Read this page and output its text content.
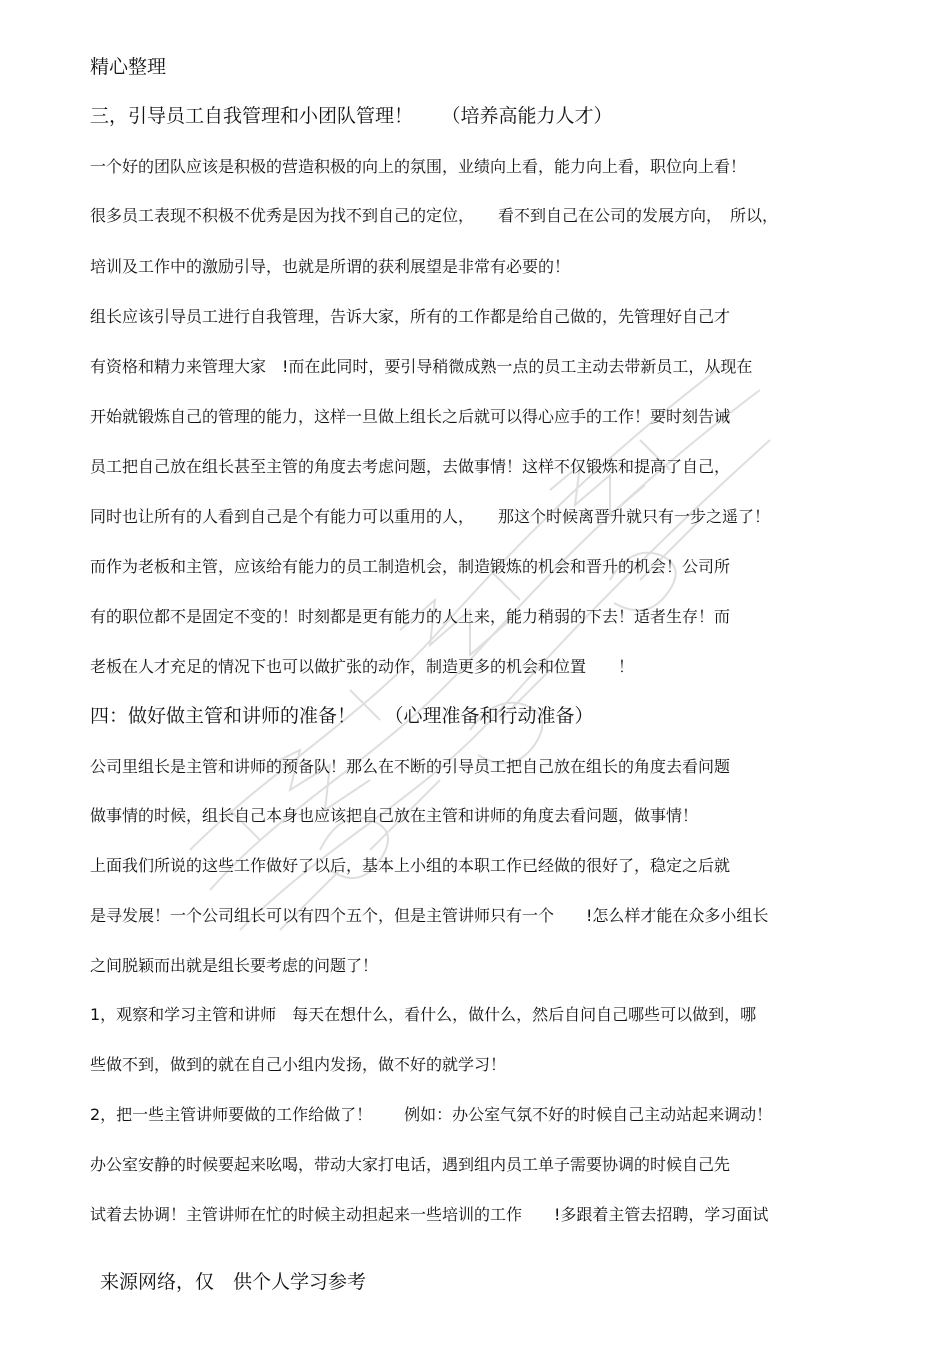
精心整理
三，引导员工自我管理和小团队管理！　　（培养高能力人才）
一个好的团队应该是积极的营造积极的向上的氛围，业绩向上看，能力向上看，职位向上看！
很多员工表现不积极不优秀是因为找不到自己的定位，　　看不到自己在公司的发展方向，　所以，
培训及工作中的激励引导，也就是所谓的获利展望是非常有必要的！
组长应该引导员工进行自我管理，告诉大家，所有的工作都是给自己做的，先管理好自己才
有资格和精力来管理大家　!而在此同时，要引导稍微成熟一点的员工主动去带新员工，从现在
开始就锻炼自己的管理的能力，这样一旦做上组长之后就可以得心应手的工作！要时刻告诫
员工把自己放在组长甚至主管的角度去考虑问题，去做事情！这样不仅锻炼和提高了自己，
同时也让所有的人看到自己是个有能力可以重用的人，　　那这个时候离晋升就只有一步之遥了！
而作为老板和主管，应该给有能力的员工制造机会，制造锻炼的机会和晋升的机会！公司所
有的职位都不是固定不变的！时刻都是更有能力的人上来，能力稍弱的下去！适者生存！而
老板在人才充足的情况下也可以做扩张的动作，制造更多的机会和位置　　！
四：做好做主管和讲师的准备！　　（心理准备和行动准备）
公司里组长是主管和讲师的预备队！那么在不断的引导员工把自己放在组长的角度去看问题
做事情的时候，组长自己本身也应该把自己放在主管和讲师的角度去看问题，做事情！
上面我们所说的这些工作做好了以后，基本上小组的本职工作已经做的很好了，稳定之后就
是寻发展！一个公司组长可以有四个五个，但是主管讲师只有一个　　!怎么样才能在众多小组长
之间脱颖而出就是组长要考虑的问题了！
1，观察和学习主管和讲师　每天在想什么，看什么，做什么，然后自问自己哪些可以做到，哪
些做不到，做到的就在自己小组内发扬，做不好的就学习！
2，把一些主管讲师要做的工作给做了！　　例如：办公室气氛不好的时候自己主动站起来调动！
办公室安静的时候要起来吆喝，带动大家打电话，遇到组内员工单子需要协调的时候自己先
试着去协调！主管讲师在忙的时候主动担起来一些培训的工作　　!多跟着主管去招聘，学习面试
来源网络，仅　供个人学习参考
